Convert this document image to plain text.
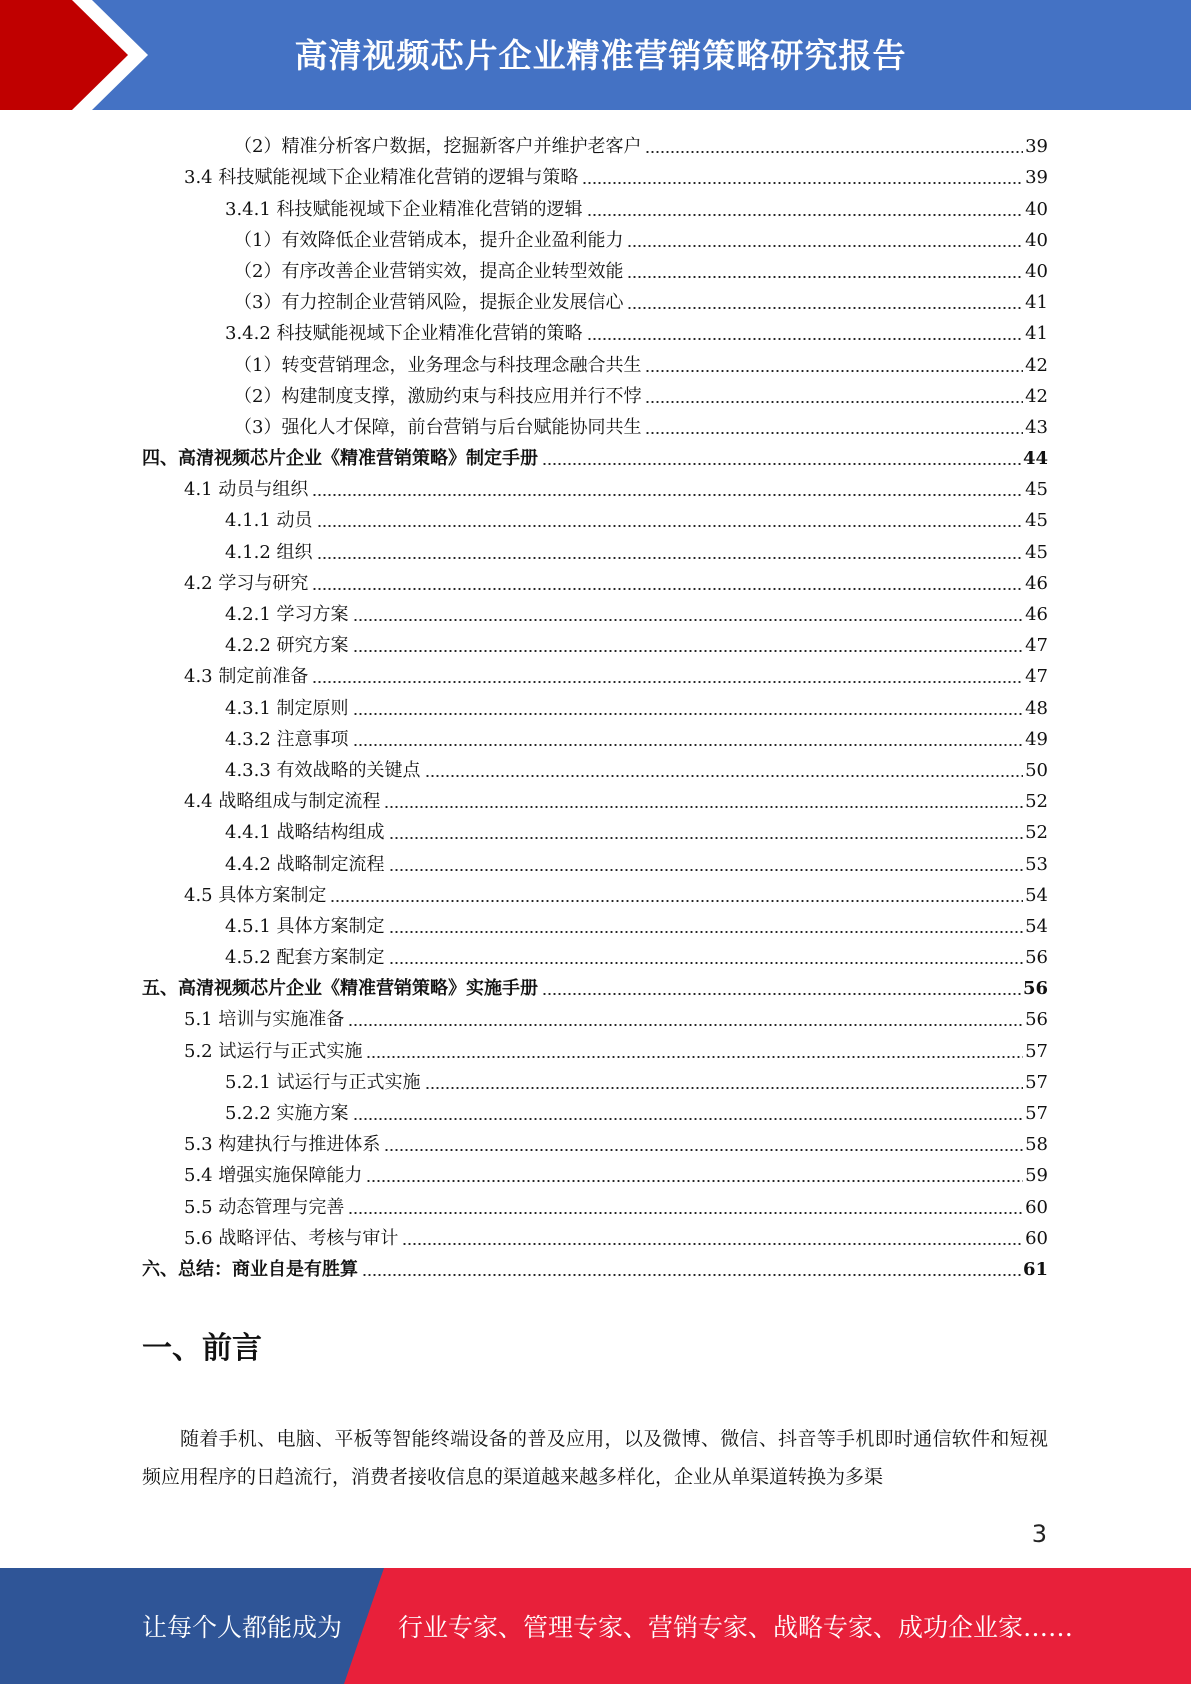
高清视频芯片企业精准营销策略研究报告
（2）精准分析客户数据，挖掘新客户并维护老客户	39
3.4 科技赋能视域下企业精准化营销的逻辑与策略	39
3.4.1 科技赋能视域下企业精准化营销的逻辑	40
（1）有效降低企业营销成本，提升企业盈利能力	40
（2）有序改善企业营销实效，提高企业转型效能	40
（3）有力控制企业营销风险，提振企业发展信心	41
3.4.2 科技赋能视域下企业精准化营销的策略	41
（1）转变营销理念，业务理念与科技理念融合共生	42
（2）构建制度支撑，激励约束与科技应用并行不悖	42
（3）强化人才保障，前台营销与后台赋能协同共生	43
四、高清视频芯片企业《精准营销策略》制定手册	44
4.1 动员与组织	45
4.1.1 动员	45
4.1.2 组织	45
4.2 学习与研究	46
4.2.1 学习方案	46
4.2.2 研究方案	47
4.3 制定前准备	47
4.3.1 制定原则	48
4.3.2 注意事项	49
4.3.3 有效战略的关键点	50
4.4 战略组成与制定流程	52
4.4.1 战略结构组成	52
4.4.2 战略制定流程	53
4.5 具体方案制定	54
4.5.1 具体方案制定	54
4.5.2 配套方案制定	56
五、高清视频芯片企业《精准营销策略》实施手册	56
5.1 培训与实施准备	56
5.2 试运行与正式实施	57
5.2.1 试运行与正式实施	57
5.2.2 实施方案	57
5.3 构建执行与推进体系	58
5.4 增强实施保障能力	59
5.5 动态管理与完善	60
5.6 战略评估、考核与审计	60
六、总结：商业自是有胜算	61
一、前言

随着手机、电脑、平板等智能终端设备的普及应用，以及微博、微信、抖音等手机即时通信软件和短视频应用程序的日趋流行，消费者接收信息的渠道越来越多样化，企业从单渠道转换为多渠

3
让每个人都能成为 行业专家、管理专家、营销专家、战略专家、成功企业家……
